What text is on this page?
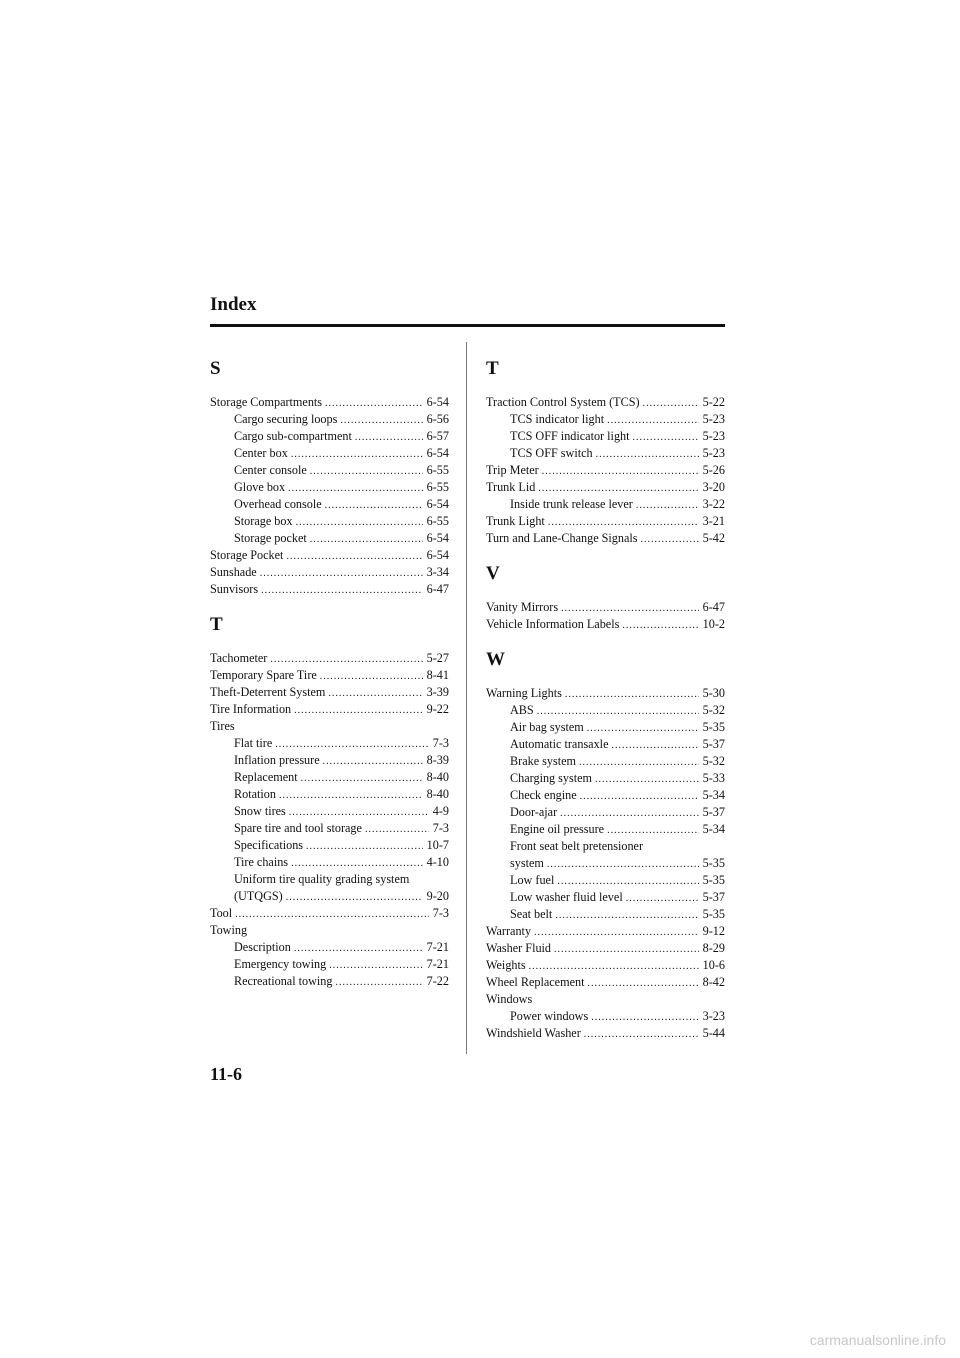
Index
S
Storage Compartments .....	6-54
Cargo securing loops .....	6-56
Cargo sub-compartment .....	6-57
Center box .....	6-54
Center console .....	6-55
Glove box .....	6-55
Overhead console .....	6-54
Storage box .....	6-55
Storage pocket .....	6-54
Storage Pocket .....	6-54
Sunshade .....	3-34
Sunvisors .....	6-47
T
Tachometer .....	5-27
Temporary Spare Tire .....	8-41
Theft-Deterrent System .....	3-39
Tire Information .....	9-22
Tires
Flat tire .....	7-3
Inflation pressure .....	8-39
Replacement .....	8-40
Rotation .....	8-40
Snow tires .....	4-9
Spare tire and tool storage .....	7-3
Specifications .....	10-7
Tire chains .....	4-10
Uniform tire quality grading system
(UTQGS) .....	9-20
Tool .....	7-3
Towing
Description .....	7-21
Emergency towing .....	7-21
Recreational towing .....	7-22
T
Traction Control System (TCS) .....	5-22
TCS indicator light .....	5-23
TCS OFF indicator light .....	5-23
TCS OFF switch .....	5-23
Trip Meter .....	5-26
Trunk Lid .....	3-20
Inside trunk release lever .....	3-22
Trunk Light .....	3-21
Turn and Lane-Change Signals .....	5-42
V
Vanity Mirrors .....	6-47
Vehicle Information Labels .....	10-2
W
Warning Lights .....	5-30
ABS .....	5-32
Air bag system .....	5-35
Automatic transaxle .....	5-37
Brake system .....	5-32
Charging system .....	5-33
Check engine .....	5-34
Door-ajar .....	5-37
Engine oil pressure .....	5-34
Front seat belt pretensioner
system .....	5-35
Low fuel .....	5-35
Low washer fluid level .....	5-37
Seat belt .....	5-35
Warranty .....	9-12
Washer Fluid .....	8-29
Weights .....	10-6
Wheel Replacement .....	8-42
Windows
Power windows .....	3-23
Windshield Washer .....	5-44
11-6
carmanualsonline.info
